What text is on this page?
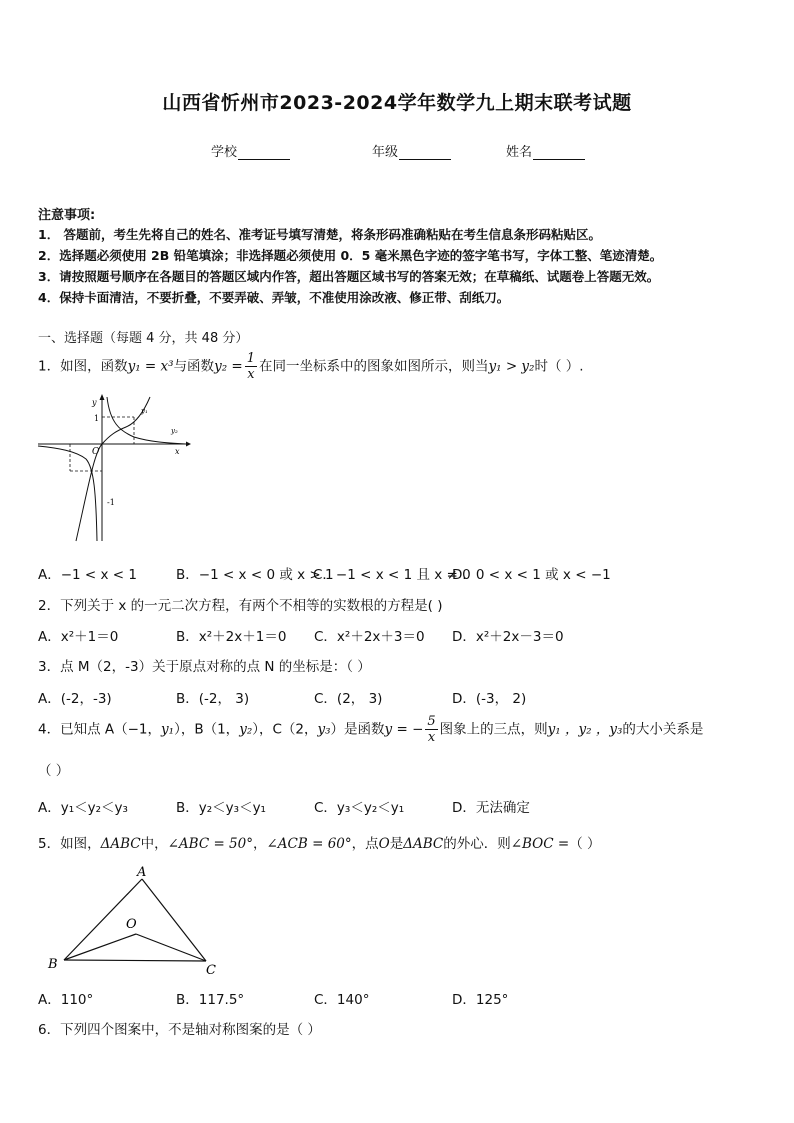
山西省忻州市2023-2024学年数学九上期末联考试题
学校	年级	姓名
注意事项:
1． 答题前，考生先将自己的姓名、准考证号填写清楚，将条形码准确粘贴在考生信息条形码粘贴区。
2．选择题必须使用 2B 铅笔填涂；非选择题必须使用 0．5 毫米黑色字迹的签字笔书写，字体工整、笔迹清楚。
3．请按照题号顺序在各题目的答题区域内作答，超出答题区域书写的答案无效；在草稿纸、试题卷上答题无效。
4．保持卡面清洁，不要折叠，不要弄破、弄皱，不准使用涂改液、修正带、刮纸刀。
一、选择题（每题 4 分，共 48 分）
1．如图，函数y₁ = x³与函数$y_2 = \frac{1}{x}$ 在同一坐标系中的图象如图所示，则当y₁ > y₂时（ ）.
y
x
O
1
-1
y₁
y₂
A．−1 < x < 1	B．−1 < x < 0 或 x > 1
C．−1 < x < 1 且 x ≠ 0
D．0 < x < 1 或 x < −1
2．下列关于 x 的一元二次方程，有两个不相等的实数根的方程是( )
A．x²＋1＝0	B．x²＋2x＋1＝0 C．x²＋2x＋3＝0 D．x²＋2x－3＝0
3．点 M（2，-3）关于原点对称的点 N 的坐标是：（ ）
A．(-2，-3)	B．(-2， 3)	C．(2， 3)	D．(-3， 2)
4．已知点 A（−1，y₁），B（1，y₂），C（2，y₃）是函数y = − $\frac{5}{x}$ 图象上的三点，则y₁ ，y₂ ，y₃的大小关系是
（ ）
A．y₁＜y₂＜y₃	B．y₂＜y₃＜y₁	C．y₃＜y₂＜y₁	D．无法确定
5．如图，ΔABC中，∠ABC = 50°，∠ACB = 60°，点O是ΔABC的外心．则∠BOC =（ ）
A
B	C
O
A．110°	B．117.5°	C．140°	D．125°
6．下列四个图案中，不是轴对称图案的是（ ）
